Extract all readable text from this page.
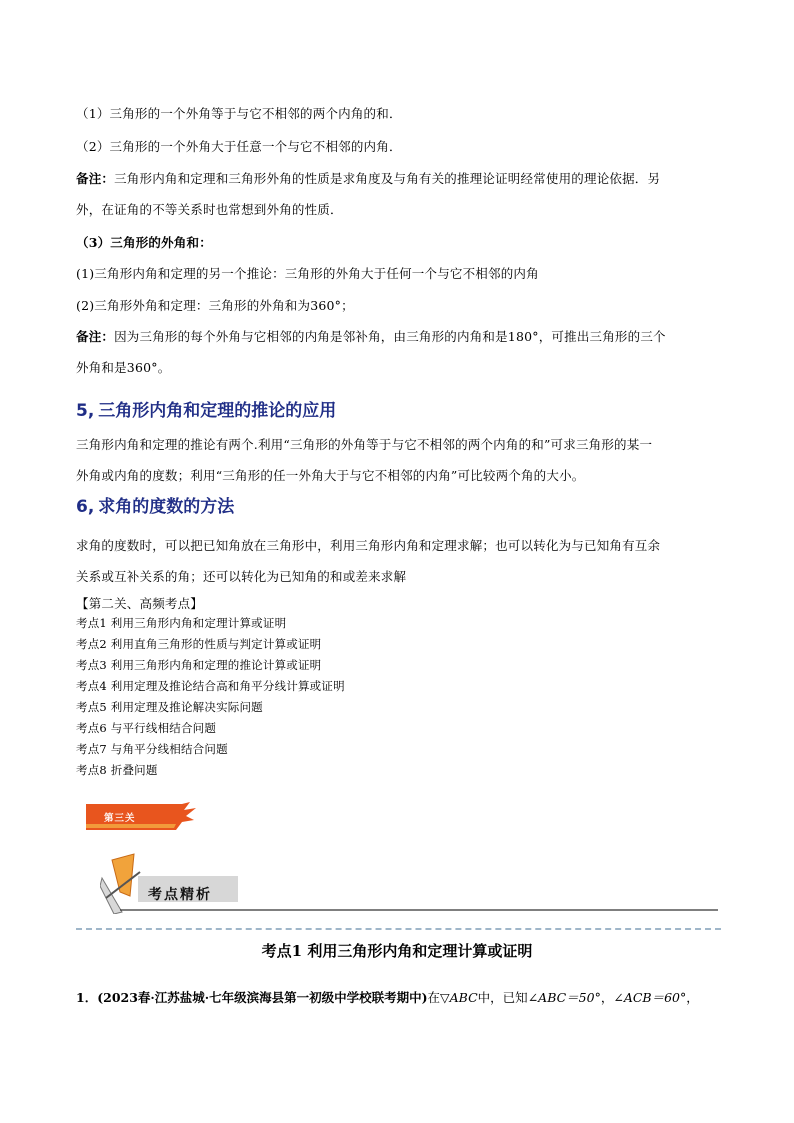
（1）三角形的一个外角等于与它不相邻的两个内角的和．
（2）三角形的一个外角大于任意一个与它不相邻的内角．
备注：三角形内角和定理和三角形外角的性质是求角度及与角有关的推理论证明经常使用的理论依据．另
外，在证角的不等关系时也常想到外角的性质．
（3）三角形的外角和：
(1)三角形内角和定理的另一个推论：三角形的外角大于任何一个与它不相邻的内角
(2)三角形外角和定理：三角形的外角和为360°；
备注：因为三角形的每个外角与它相邻的内角是邻补角，由三角形的内角和是180°，可推出三角形的三个
外角和是360°。
5, 三角形内角和定理的推论的应用
三角形内角和定理的推论有两个.利用“三角形的外角等于与它不相邻的两个内角的和”可求三角形的某一
外角或内角的度数；利用“三角形的任一外角大于与它不相邻的内角”可比较两个角的大小。
6, 求角的度数的方法
求角的度数时，可以把已知角放在三角形中，利用三角形内角和定理求解；也可以转化为与已知角有互余
关系或互补关系的角；还可以转化为已知角的和或差来求解
【第二关、高频考点】
考点1 利用三角形内角和定理计算或证明
考点2 利用直角三角形的性质与判定计算或证明
考点3 利用三角形内角和定理的推论计算或证明
考点4 利用定理及推论结合高和角平分线计算或证明
考点5 利用定理及推论解决实际问题
考点6 与平行线相结合问题
考点7 与角平分线相结合问题
考点8 折叠问题
第三关
考点精析
考点1 利用三角形内角和定理计算或证明
1．(2023春·江苏盐城·七年级滨海县第一初级中学校联考期中)在▽ABC中，已知∠ABC＝50°，∠ACB＝60°，
